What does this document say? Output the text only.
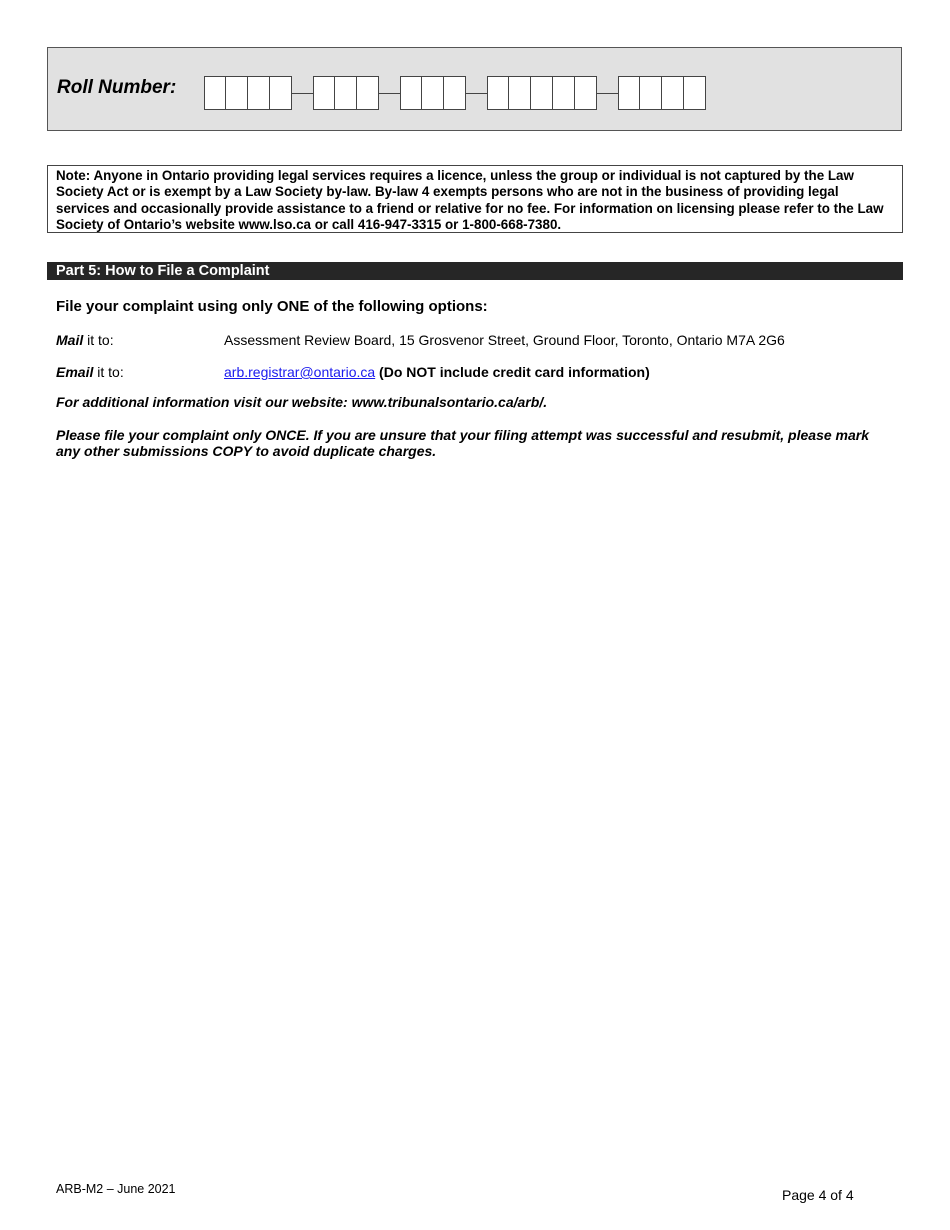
Roll Number:
Note: Anyone in Ontario providing legal services requires a licence, unless the group or individual is not captured by the Law Society Act or is exempt by a Law Society by-law. By-law 4 exempts persons who are not in the business of providing legal services and occasionally provide assistance to a friend or relative for no fee. For information on licensing please refer to the Law Society of Ontario’s website www.lso.ca or call 416-947-3315 or 1-800-668-7380.
Part 5: How to File a Complaint
File your complaint using only ONE of the following options:
Mail it to:	Assessment Review Board, 15 Grosvenor Street, Ground Floor, Toronto, Ontario M7A 2G6
Email it to:	arb.registrar@ontario.ca (Do NOT include credit card information)
For additional information visit our website: www.tribunalsontario.ca/arb/.
Please file your complaint only ONCE. If you are unsure that your filing attempt was successful and resubmit, please mark any other submissions COPY to avoid duplicate charges.
ARB-M2 – June 2021	Page 4 of 4
